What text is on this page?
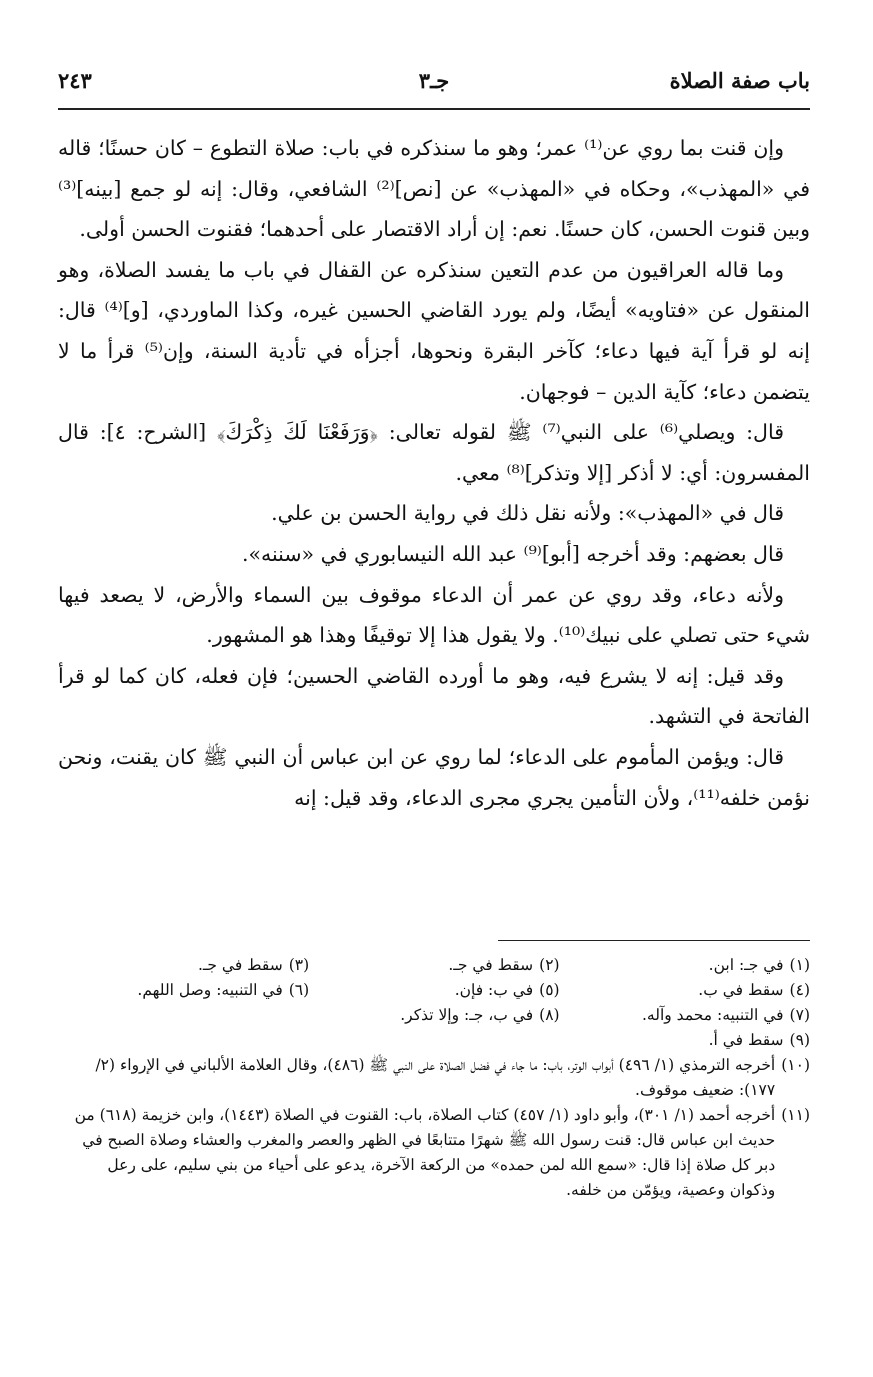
باب صفة الصلاة
جـ٣
٢٤٣

وإن قنت بما روي عن⁽¹⁾ عمر؛ وهو ما سنذكره في باب: صلاة التطوع – كان حسنًا؛ قاله في «المهذب»، وحكاه في «المهذب» عن [نص]⁽²⁾ الشافعي، وقال: إنه لو جمع [بينه]⁽³⁾ وبين قنوت الحسن، كان حسنًا. نعم: إن أراد الاقتصار على أحدهما؛ فقنوت الحسن أولى.

وما قاله العراقيون من عدم التعين سنذكره عن القفال في باب ما يفسد الصلاة، وهو المنقول عن «فتاويه» أيضًا، ولم يورد القاضي الحسين غيره، وكذا الماوردي، [و]⁽⁴⁾ قال: إنه لو قرأ آية فيها دعاء؛ كآخر البقرة ونحوها، أجزأه في تأدية السنة، وإن⁽⁵⁾ قرأ ما لا يتضمن دعاء؛ كآية الدين – فوجهان.

قال: ويصلي⁽⁶⁾ على النبي⁽⁷⁾ ﷺ لقوله تعالى: ﴿وَرَفَعْنَا لَكَ ذِكْرَكَ﴾ [الشرح: ٤]: قال المفسرون: أي: لا أذكر [إلا وتذكر]⁽⁸⁾ معي.

قال في «المهذب»: ولأنه نقل ذلك في رواية الحسن بن علي.

قال بعضهم: وقد أخرجه [أبو]⁽⁹⁾ عبد الله النيسابوري في «سننه».

ولأنه دعاء، وقد روي عن عمر أن الدعاء موقوف بين السماء والأرض، لا يصعد فيها شيء حتى تصلي على نبيك⁽¹⁰⁾. ولا يقول هذا إلا توقيفًا وهذا هو المشهور.

وقد قيل: إنه لا يشرع فيه، وهو ما أورده القاضي الحسين؛ فإن فعله، كان كما لو قرأ الفاتحة في التشهد.

قال: ويؤمن المأموم على الدعاء؛ لما روي عن ابن عباس أن النبي ﷺ كان يقنت، ونحن نؤمن خلفه⁽¹¹⁾، ولأن التأمين يجري مجرى الدعاء، وقد قيل: إنه

(١)في جـ: ابن.
(٢)سقط في جـ.
(٣)سقط في جـ.
(٤)سقط في ب.
(٥)في ب: فإن.
(٦)في التنبيه: وصل اللهم.
(٧)في التنبيه: محمد وآله.
(٨)في ب، جـ: وإلا تذكر.
(٩)
سقط في أ.
(١٠)
أخرجه الترمذي (١/ ٤٩٦) أبواب الوتر، باب: ما جاء في فضل الصلاة على النبي ﷺ (٤٨٦)، وقال العلامة الألباني في الإرواء (٢/ ١٧٧): ضعيف موقوف.
(١١)
أخرجه أحمد (١/ ٣٠١)، وأبو داود (١/ ٤٥٧) كتاب الصلاة، باب: القنوت في الصلاة (١٤٤٣)، وابن خزيمة (٦١٨) من حديث ابن عباس قال: قنت رسول الله ﷺ شهرًا متتابعًا في الظهر والعصر والمغرب والعشاء وصلاة الصبح في دبر كل صلاة إذا قال: «سمع الله لمن حمده» من الركعة الآخرة، يدعو على أحياء من بني سليم، على رعل وذكوان وعصية، ويؤمّن من خلفه.
